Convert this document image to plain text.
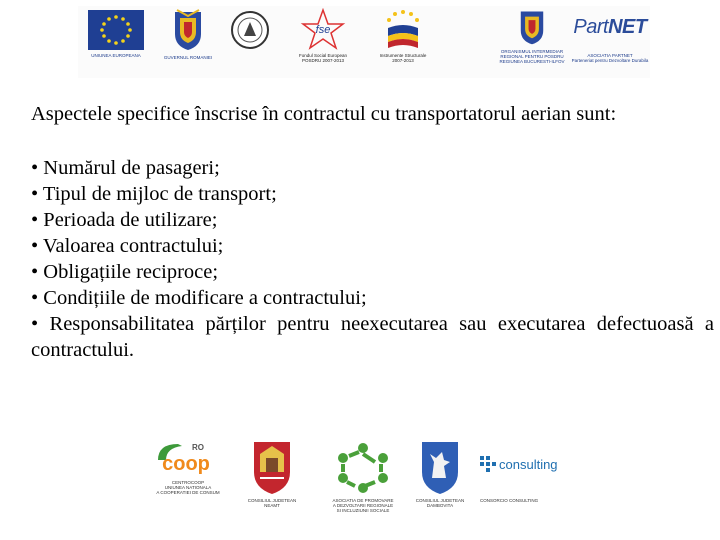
UNIUNEA EUROPEANA	GUVERNUL ROMANIEI
fse
Fondul Social European
POSDRU 2007-2013
Instrumente Structurale
2007-2013
ORGANISMUL INTERMEDIAR
REGIONAL PENTRU POSDRU
REGIUNEA BUCURESTI-ILFOV
PartNET
ASOCIATIA PARTNET
Parteneriat pentru Dezvoltare Durabila

Aspectele specifice înscrise în contractul cu transportatorul aerian sunt:

• Numărul de pasageri;

• Tipul de mijloc de transport;

• Perioada de utilizare;

• Valoarea contractului;

• Obligațiile reciproce;

• Condițiile de modificare a contractului;

• Responsabilitatea părților pentru neexecutarea sau executarea defectuoasă a contractului.

RO
coop
CENTROCOOP
UNIUNEA NATIONALA
A COOPERATIEI DE CONSUM
CONSILIUL JUDETEAN
NEAMT
ASOCIATIA DE PROMOVARE
A DEZVOLTARII REGIONALE
SI INCLUZIUNII SOCIALE
CONSILIUL JUDETEAN
DAMBOVITA
consulting
CONSORCIO CONSULTING
